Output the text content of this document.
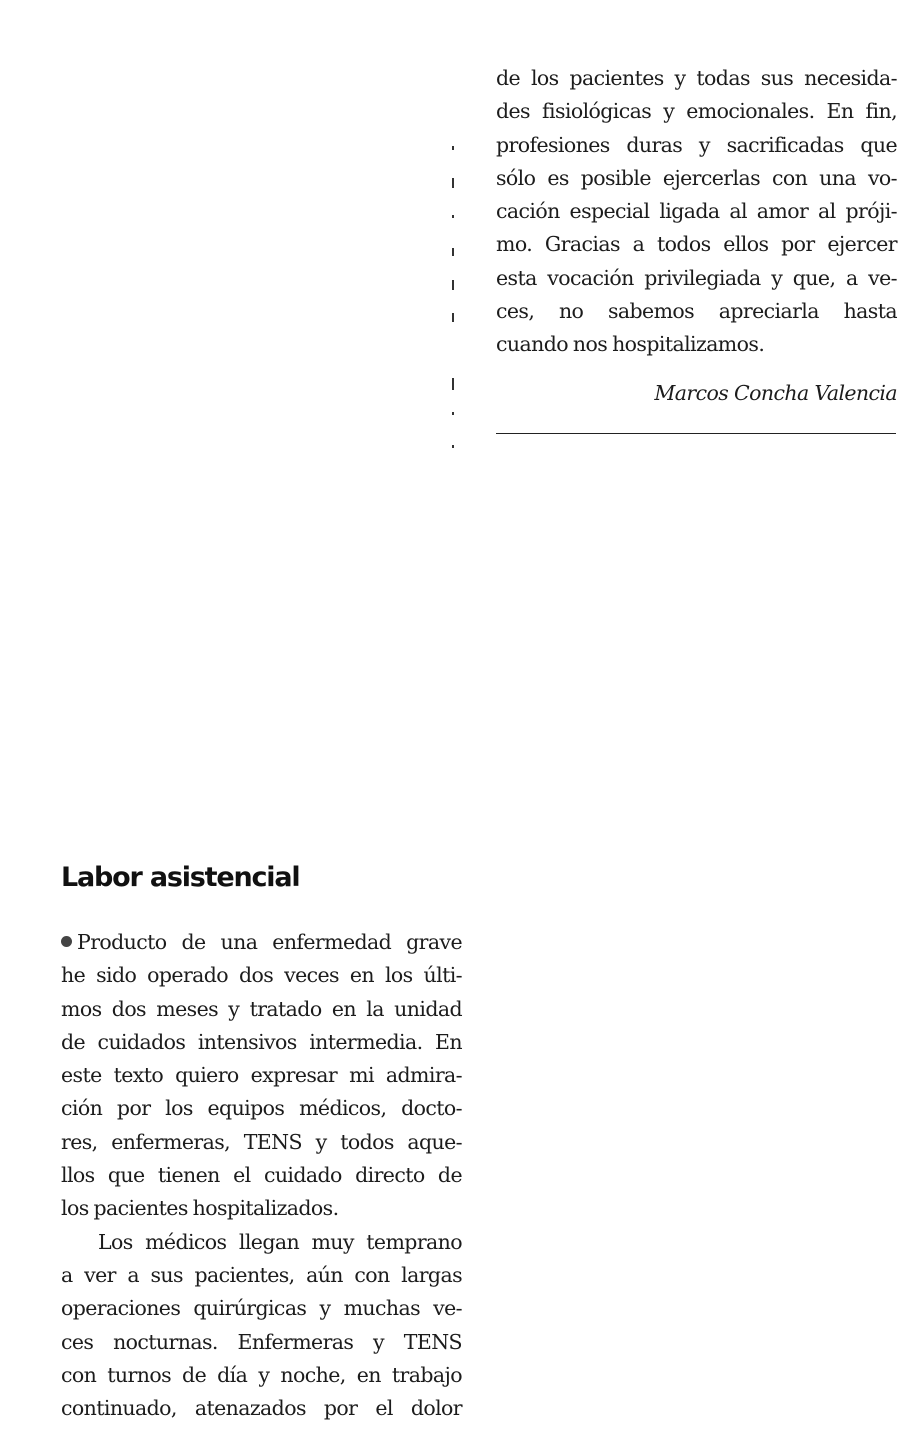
de los pacientes y todas sus necesida-
des fisiológicas y emocionales. En fin,
profesiones duras y sacrificadas que
sólo es posible ejercerlas con una vo-
cación especial ligada al amor al próji-
mo. Gracias a todos ellos por ejercer
esta vocación privilegiada y que, a ve-
ces, no sabemos apreciarla hasta
cuando nos hospitalizamos.
Marcos Concha Valencia
Labor asistencial
Producto de una enfermedad grave
he sido operado dos veces en los últi-
mos dos meses y tratado en la unidad
de cuidados intensivos intermedia. En
este texto quiero expresar mi admira-
ción por los equipos médicos, docto-
res, enfermeras, TENS y todos aque-
llos que tienen el cuidado directo de
los pacientes hospitalizados.
Los médicos llegan muy temprano
a ver a sus pacientes, aún con largas
operaciones quirúrgicas y muchas ve-
ces nocturnas. Enfermeras y TENS
con turnos de día y noche, en trabajo
continuado, atenazados por el dolor
